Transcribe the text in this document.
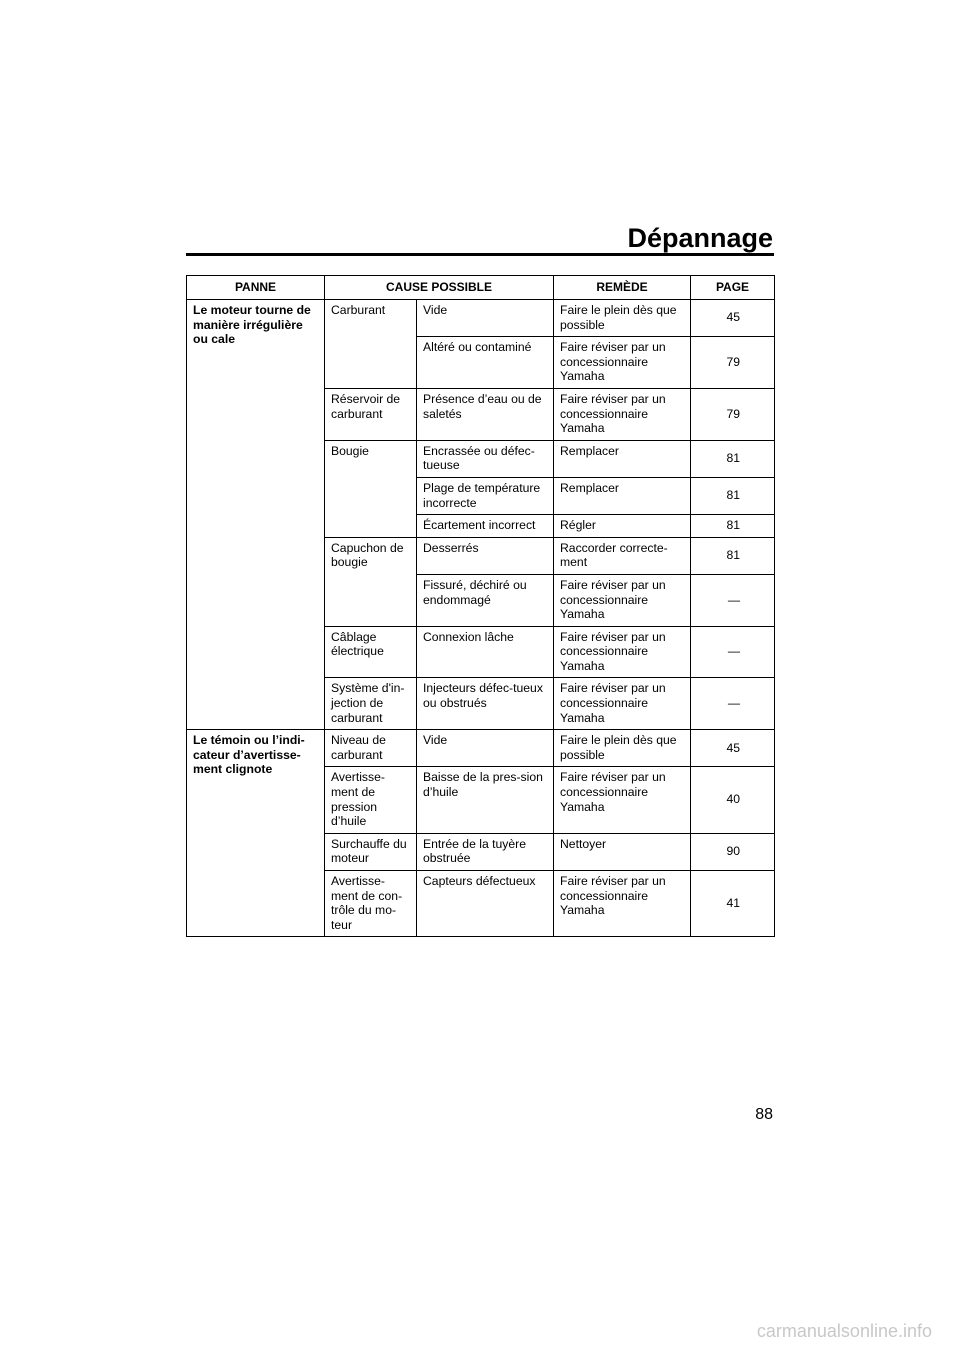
Dépannage
PANNE	CAUSE POSSIBLE		REMÈDE	PAGE
Le moteur tourne de manière irrégulière ou cale	Carburant	Vide	Faire le plein dès que possible	45
		Altéré ou contaminé	Faire réviser par un concessionnaire Yamaha	79
	Réservoir de carburant	Présence d’eau ou de saletés	Faire réviser par un concessionnaire Yamaha	79
	Bougie	Encrassée ou défec-tueuse	Remplacer	81
		Plage de température incorrecte	Remplacer	81
		Écartement incorrect	Régler	81
	Capuchon de bougie	Desserrés	Raccorder correcte-ment	81
		Fissuré, déchiré ou endommagé	Faire réviser par un concessionnaire Yamaha	—
	Câblage électrique	Connexion lâche	Faire réviser par un concessionnaire Yamaha	—
	Système d'in-jection de carburant	Injecteurs défec-tueux ou obstrués	Faire réviser par un concessionnaire Yamaha	—
Le témoin ou l’indi-cateur d’avertisse-ment clignote	Niveau de carburant	Vide	Faire le plein dès que possible	45
	Avertisse-ment de pression d’huile	Baisse de la pres-sion d’huile	Faire réviser par un concessionnaire Yamaha	40
	Surchauffe du moteur	Entrée de la tuyère obstruée	Nettoyer	90
	Avertisse-ment de con-trôle du mo-teur	Capteurs défectueux	Faire réviser par un concessionnaire Yamaha	41
88
carmanualsonline.info
